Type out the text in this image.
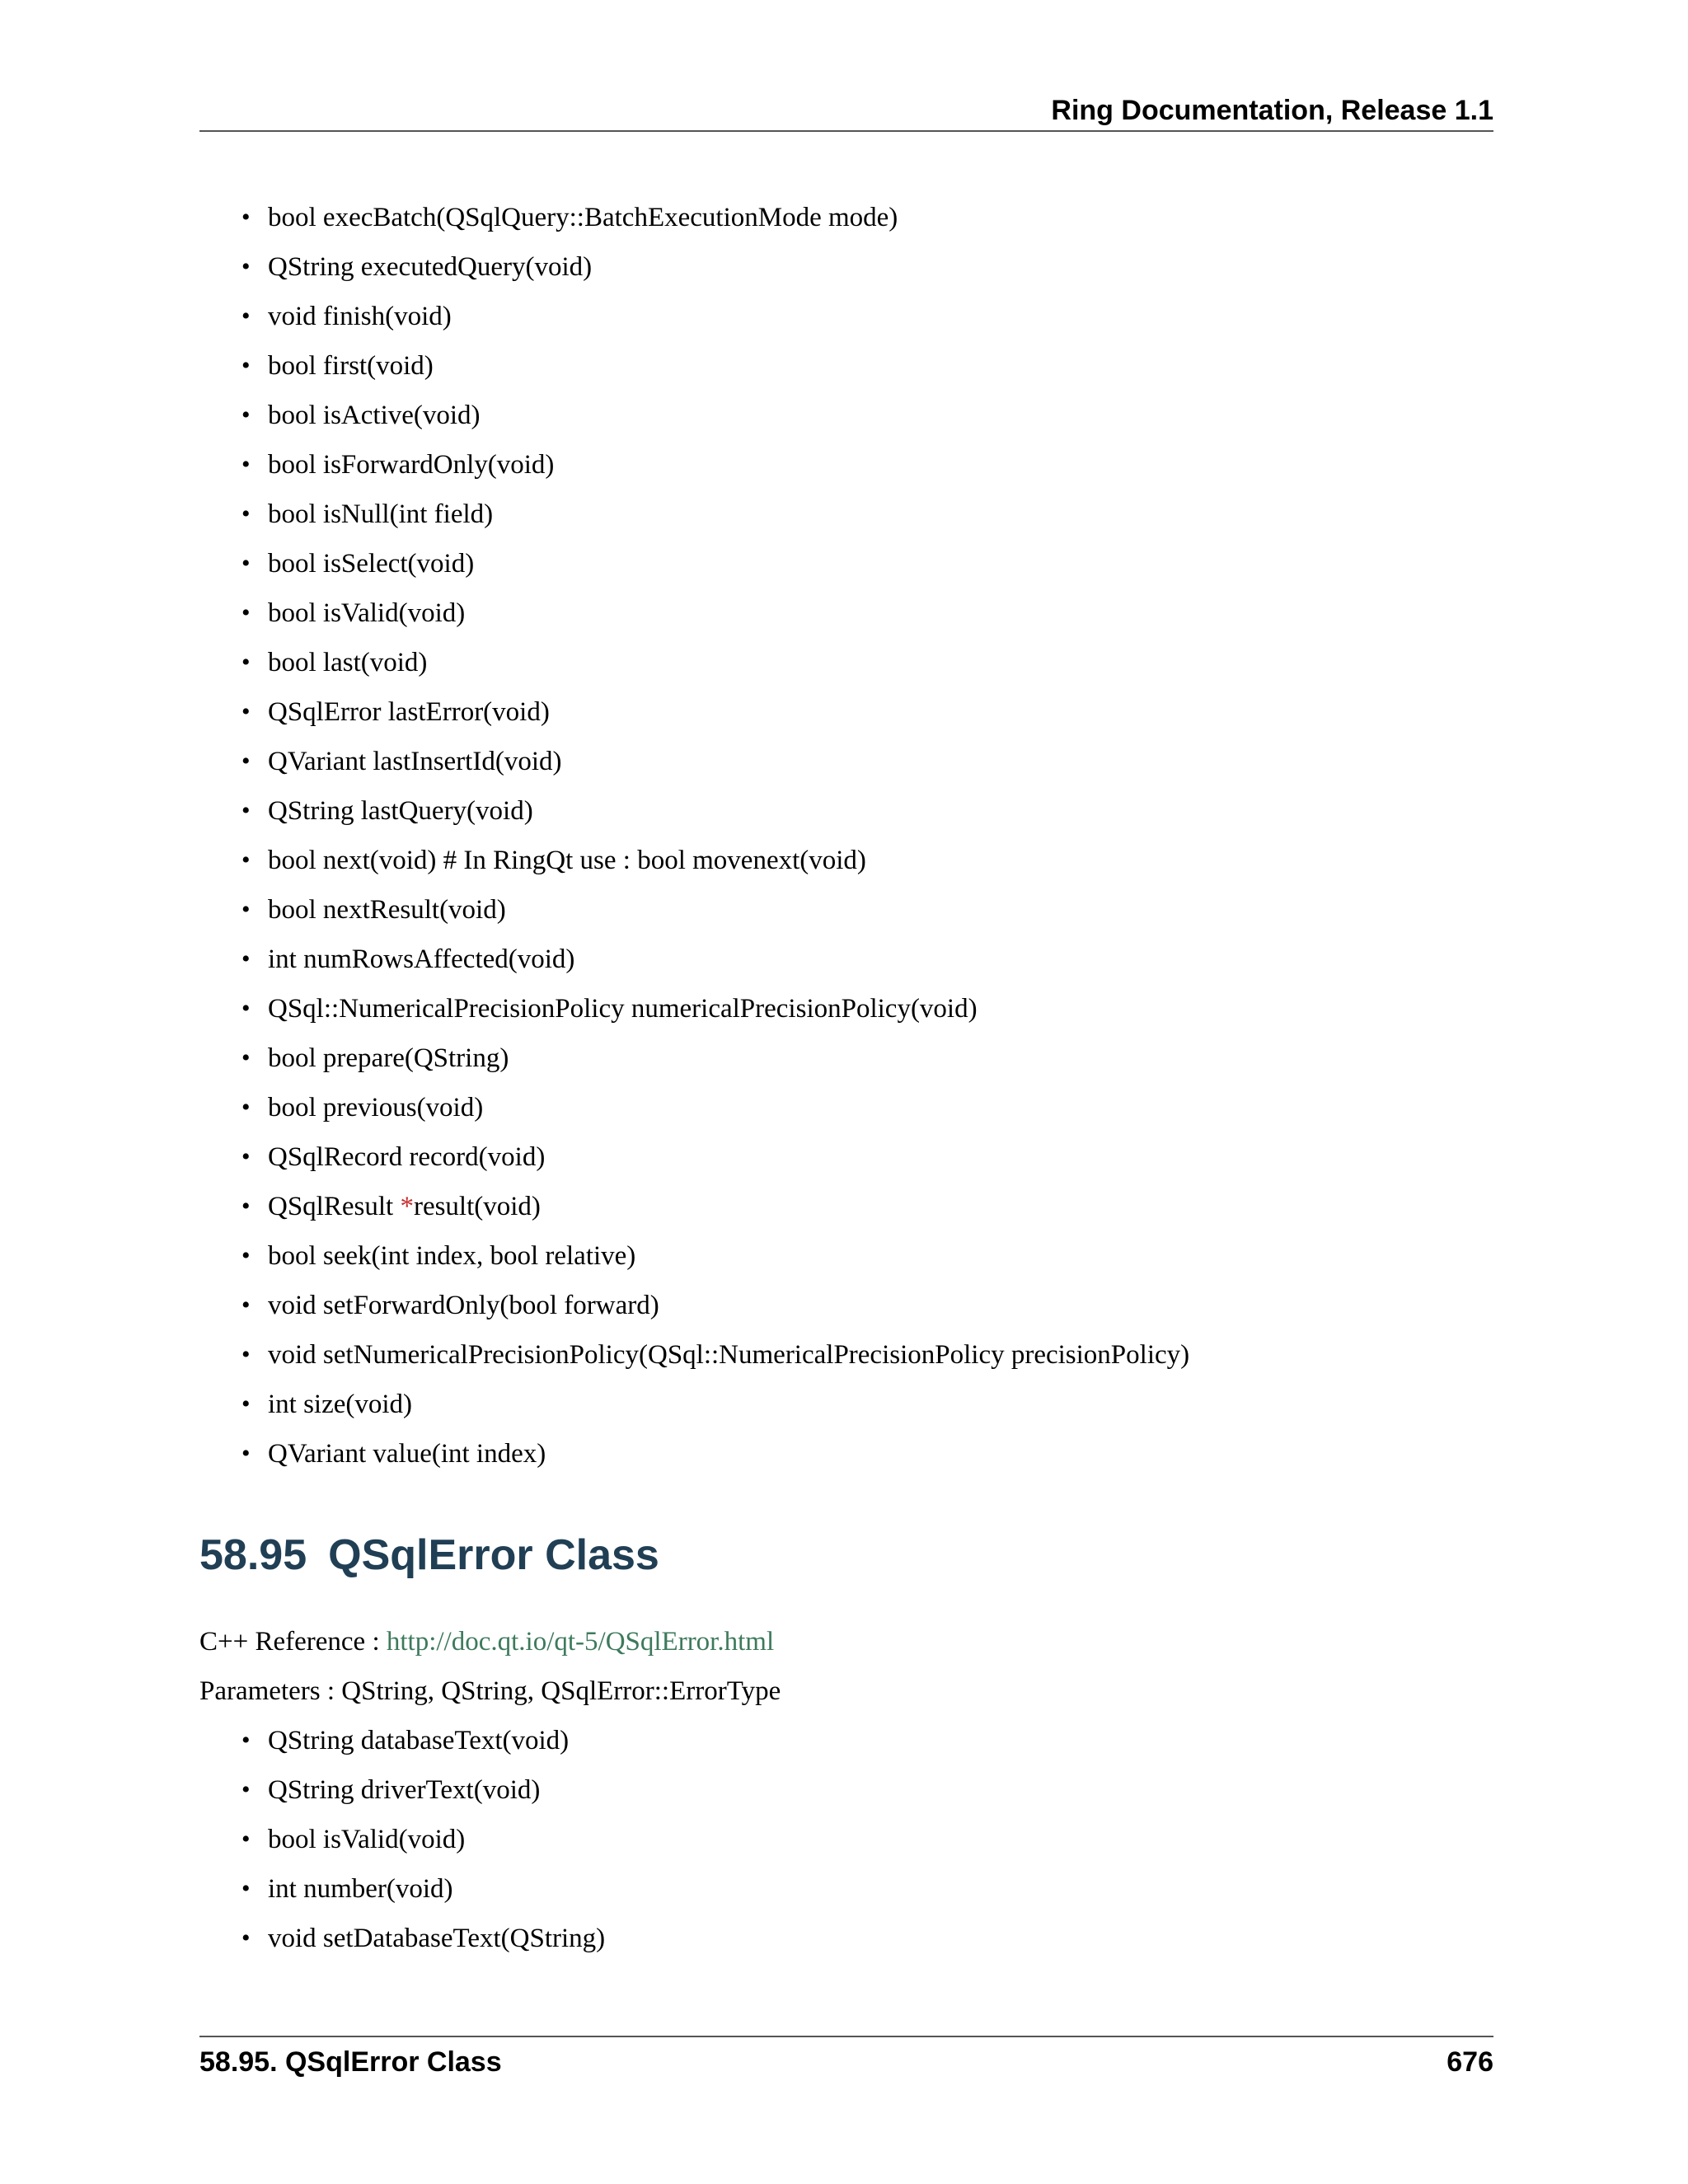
Ring Documentation, Release 1.1
• bool execBatch(QSqlQuery::BatchExecutionMode mode)
• QString executedQuery(void)
• void finish(void)
• bool first(void)
• bool isActive(void)
• bool isForwardOnly(void)
• bool isNull(int field)
• bool isSelect(void)
• bool isValid(void)
• bool last(void)
• QSqlError lastError(void)
• QVariant lastInsertId(void)
• QString lastQuery(void)
• bool next(void) # In RingQt use : bool movenext(void)
• bool nextResult(void)
• int numRowsAffected(void)
• QSql::NumericalPrecisionPolicy numericalPrecisionPolicy(void)
• bool prepare(QString)
• bool previous(void)
• QSqlRecord record(void)
• QSqlResult *result(void)
• bool seek(int index, bool relative)
• void setForwardOnly(bool forward)
• void setNumericalPrecisionPolicy(QSql::NumericalPrecisionPolicy precisionPolicy)
• int size(void)
• QVariant value(int index)
58.95 QSqlError Class
C++ Reference : http://doc.qt.io/qt-5/QSqlError.html
Parameters : QString, QString, QSqlError::ErrorType
• QString databaseText(void)
• QString driverText(void)
• bool isValid(void)
• int number(void)
• void setDatabaseText(QString)
58.95. QSqlError Class	676
